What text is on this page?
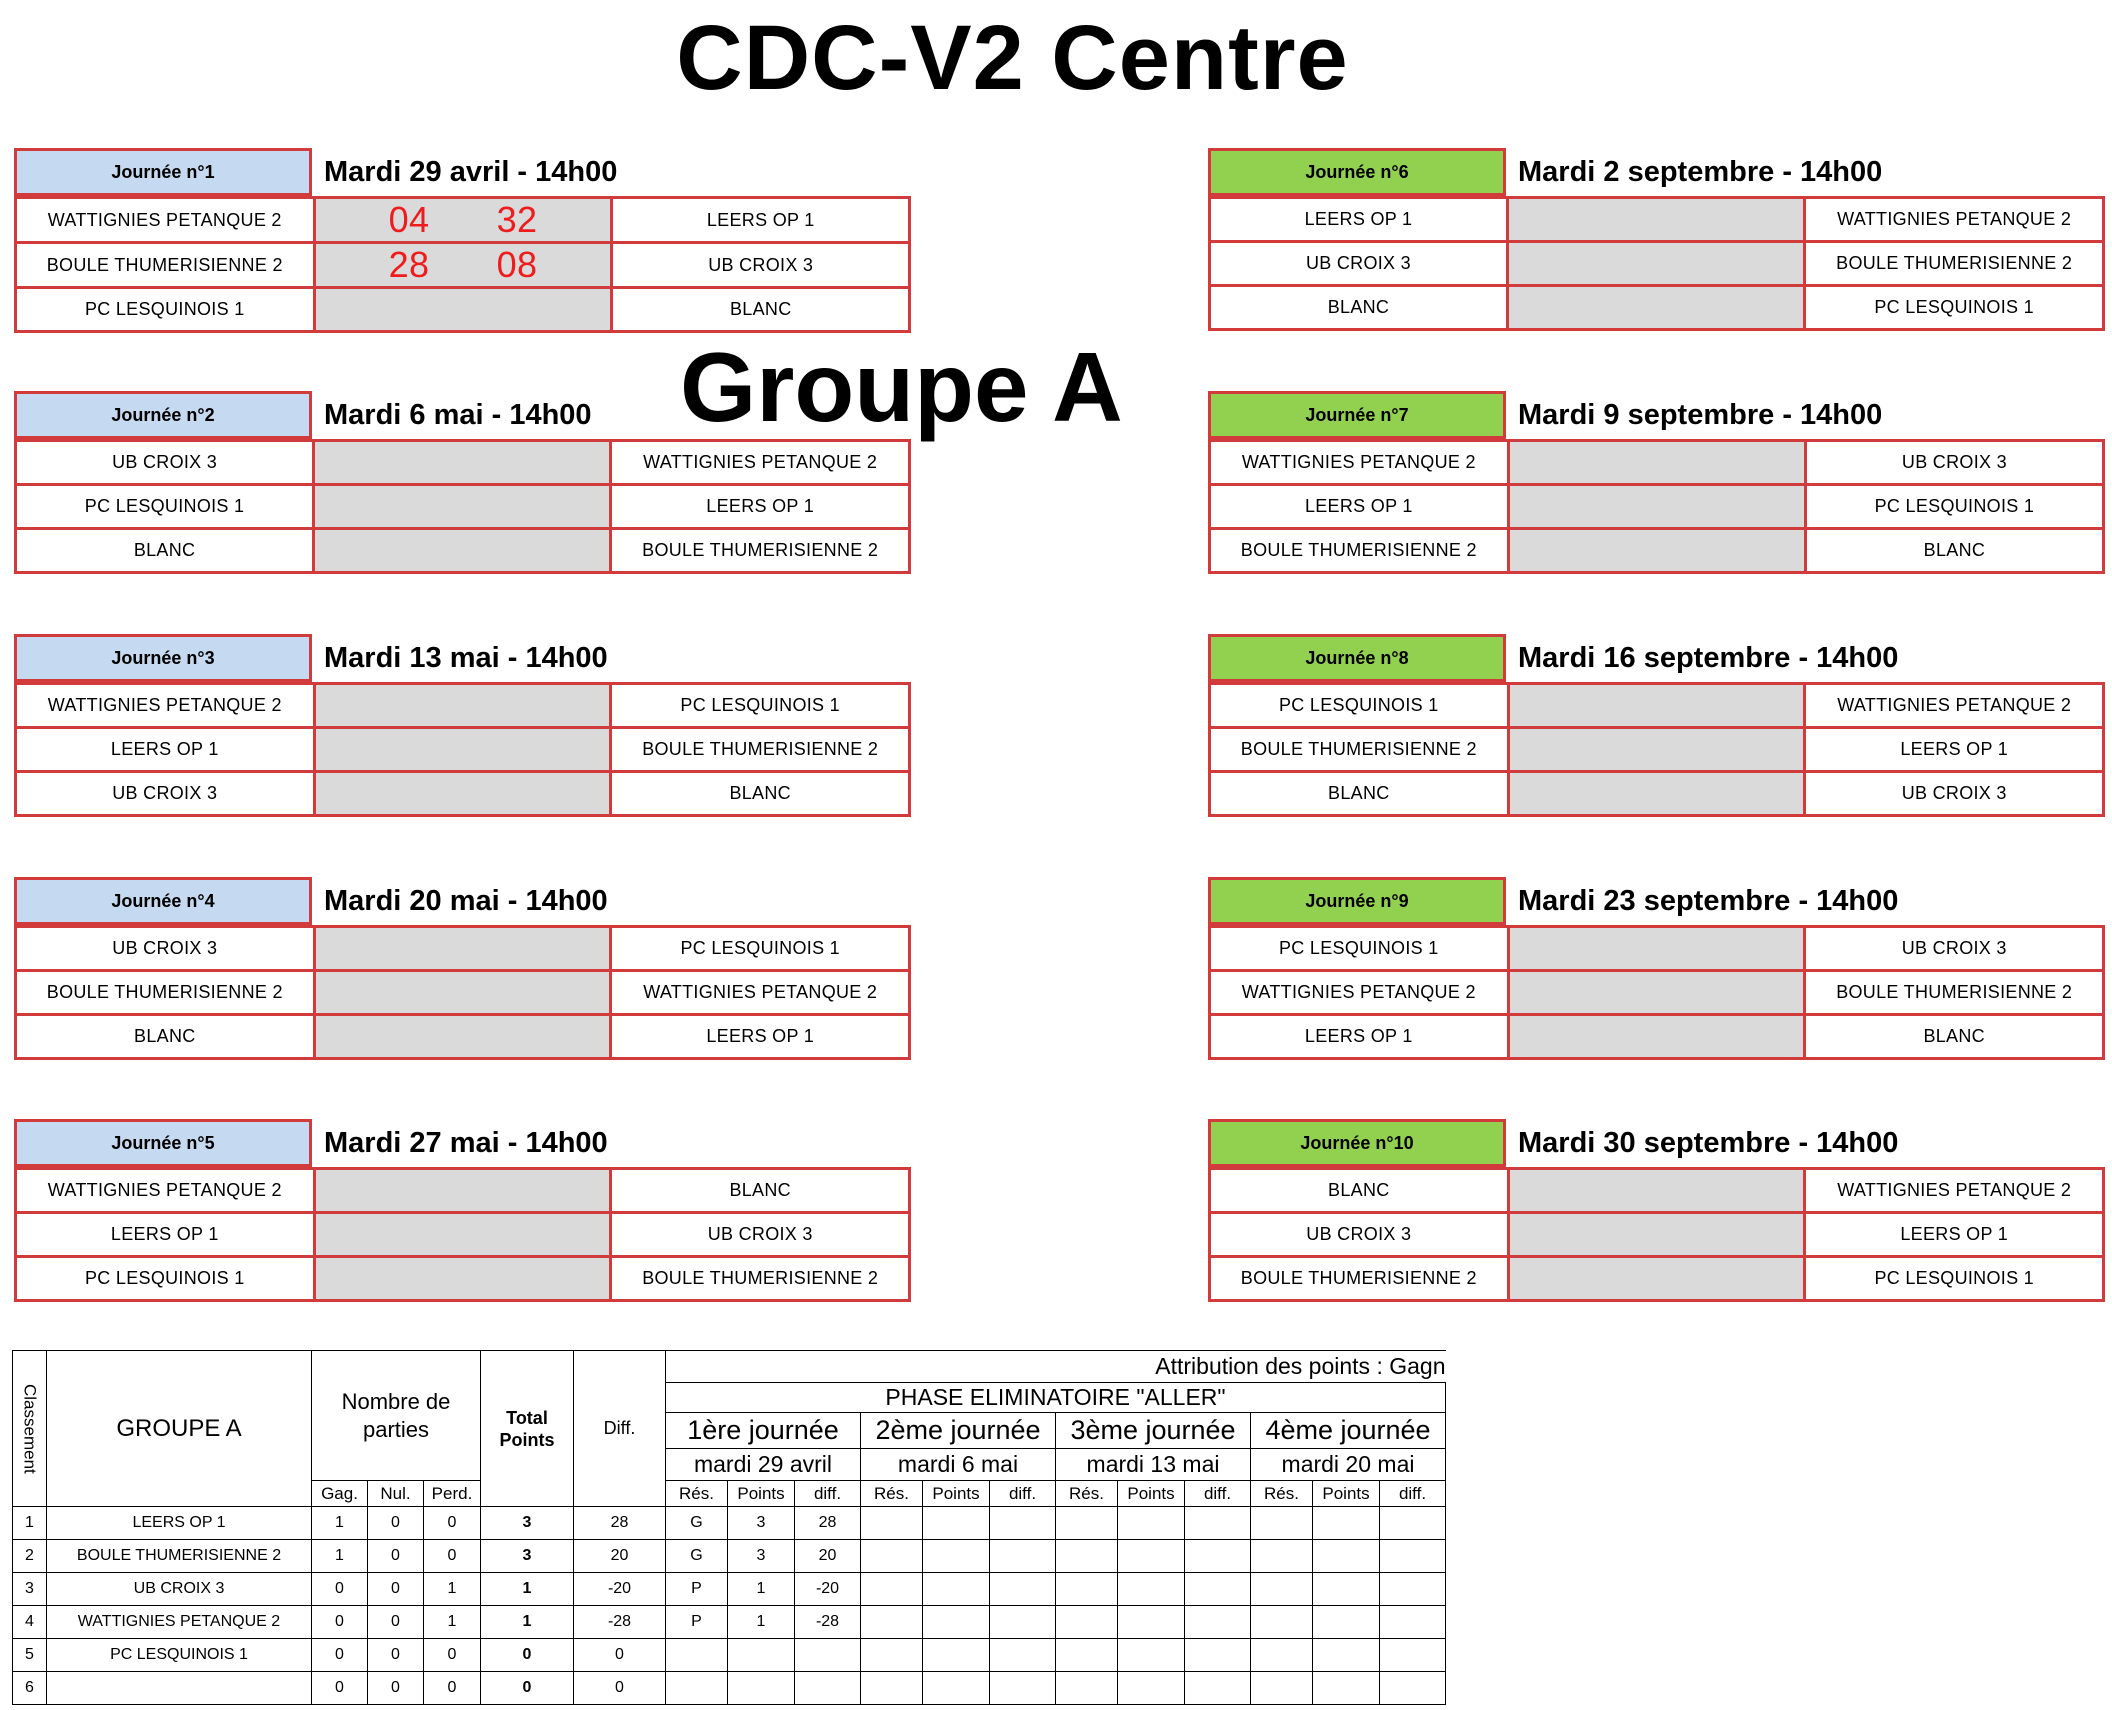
CDC-V2 Centre
Groupe A
Journée n°1	Mardi 29 avril - 14h00
WATTIGNIES PETANQUE 2	04 32	LEERS OP 1
BOULE THUMERISIENNE 2	28 08	UB CROIX 3
PC LESQUINOIS 1		BLANC
Journée n°2	Mardi 6 mai - 14h00
UB CROIX 3		WATTIGNIES PETANQUE 2
PC LESQUINOIS 1		LEERS OP 1
BLANC		BOULE THUMERISIENNE 2
Journée n°3	Mardi 13 mai - 14h00
WATTIGNIES PETANQUE 2		PC LESQUINOIS 1
LEERS OP 1		BOULE THUMERISIENNE 2
UB CROIX 3		BLANC
Journée n°4	Mardi 20 mai - 14h00
UB CROIX 3		PC LESQUINOIS 1
BOULE THUMERISIENNE 2		WATTIGNIES PETANQUE 2
BLANC		LEERS OP 1
Journée n°5	Mardi 27 mai - 14h00
WATTIGNIES PETANQUE 2		BLANC
LEERS OP 1		UB CROIX 3
PC LESQUINOIS 1		BOULE THUMERISIENNE 2
Journée n°6	Mardi 2 septembre - 14h00
LEERS OP 1		WATTIGNIES PETANQUE 2
UB CROIX 3		BOULE THUMERISIENNE 2
BLANC		PC LESQUINOIS 1
Journée n°7	Mardi 9 septembre - 14h00
WATTIGNIES PETANQUE 2		UB CROIX 3
LEERS OP 1		PC LESQUINOIS 1
BOULE THUMERISIENNE 2		BLANC
Journée n°8	Mardi 16 septembre - 14h00
PC LESQUINOIS 1		WATTIGNIES PETANQUE 2
BOULE THUMERISIENNE 2		LEERS OP 1
BLANC		UB CROIX 3
Journée n°9	Mardi 23 septembre - 14h00
PC LESQUINOIS 1		UB CROIX 3
WATTIGNIES PETANQUE 2		BOULE THUMERISIENNE 2
LEERS OP 1		BLANC
Journée n°10	Mardi 30 septembre - 14h00
BLANC		WATTIGNIES PETANQUE 2
UB CROIX 3		LEERS OP 1
BOULE THUMERISIENNE 2		PC LESQUINOIS 1
Classement	GROUPE A	Nombre de parties			Total Points	Diff.	Attribution des points : Gagn											
							PHASE ELIMINATOIRE "ALLER"											
							1ère journée			2ème journée			3ème journée			4ème journée		
							mardi 29 avril			mardi 6 mai			mardi 13 mai			mardi 20 mai		
		Gag.	Nul.	Perd.			Rés.	Points	diff.	Rés.	Points	diff.	Rés.	Points	diff.	Rés.	Points	diff.
1	LEERS OP 1	1	0	0	3	28	G	3	28									
2	BOULE THUMERISIENNE 2	1	0	0	3	20	G	3	20									
3	UB CROIX 3	0	0	1	1	-20	P	1	-20									
4	WATTIGNIES PETANQUE 2	0	0	1	1	-28	P	1	-28									
5	PC LESQUINOIS 1	0	0	0	0	0												
6		0	0	0	0	0												
